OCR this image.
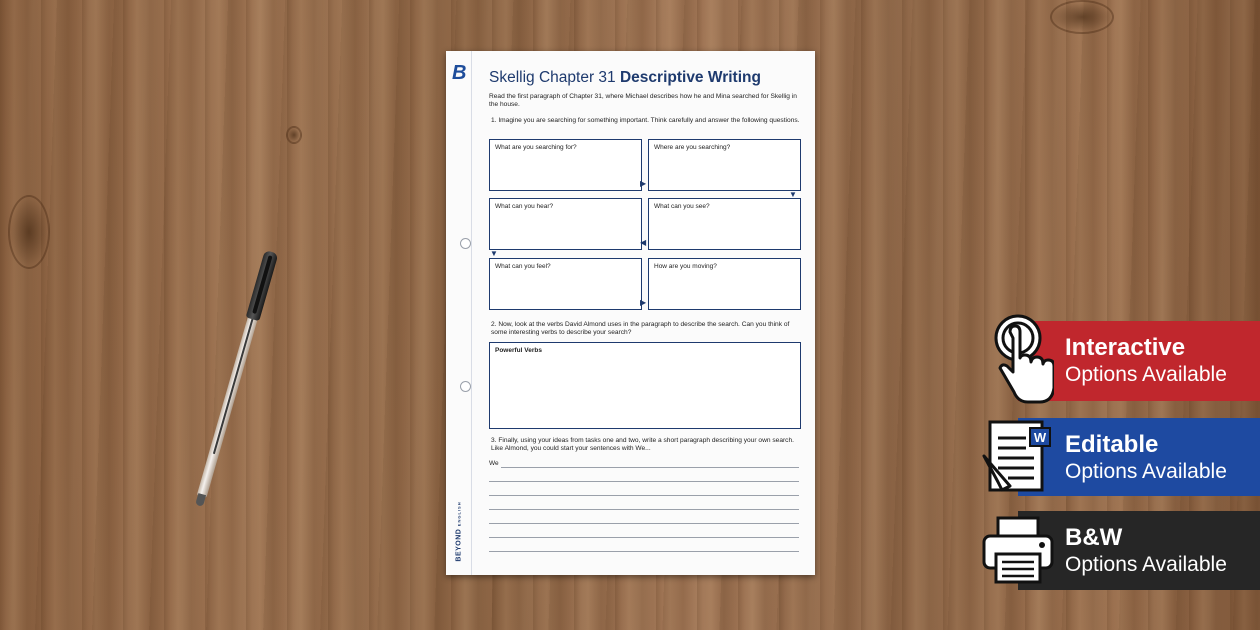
B
BEYOND ENGLISH
Skellig Chapter 31 Descriptive Writing
Read the first paragraph of Chapter 31, where Michael describes how he and Mina searched for Skellig in the house.
1. Imagine you are searching for something important. Think carefully and answer the following questions.
What are you searching for?	Where are you searching?
What can you hear?	What can you see?
What can you feel?	How are you moving?
▶
▼
◀
▼
▶
2. Now, look at the verbs David Almond uses in the paragraph to describe the search. Can you think of some interesting verbs to describe your search?
Powerful Verbs
3. Finally, using your ideas from tasks one and two, write a short paragraph describing your own search. Like Almond, you could start your sentences with We...
We
Interactive
Options Available
Editable
Options Available
W
B&W
Options Available
